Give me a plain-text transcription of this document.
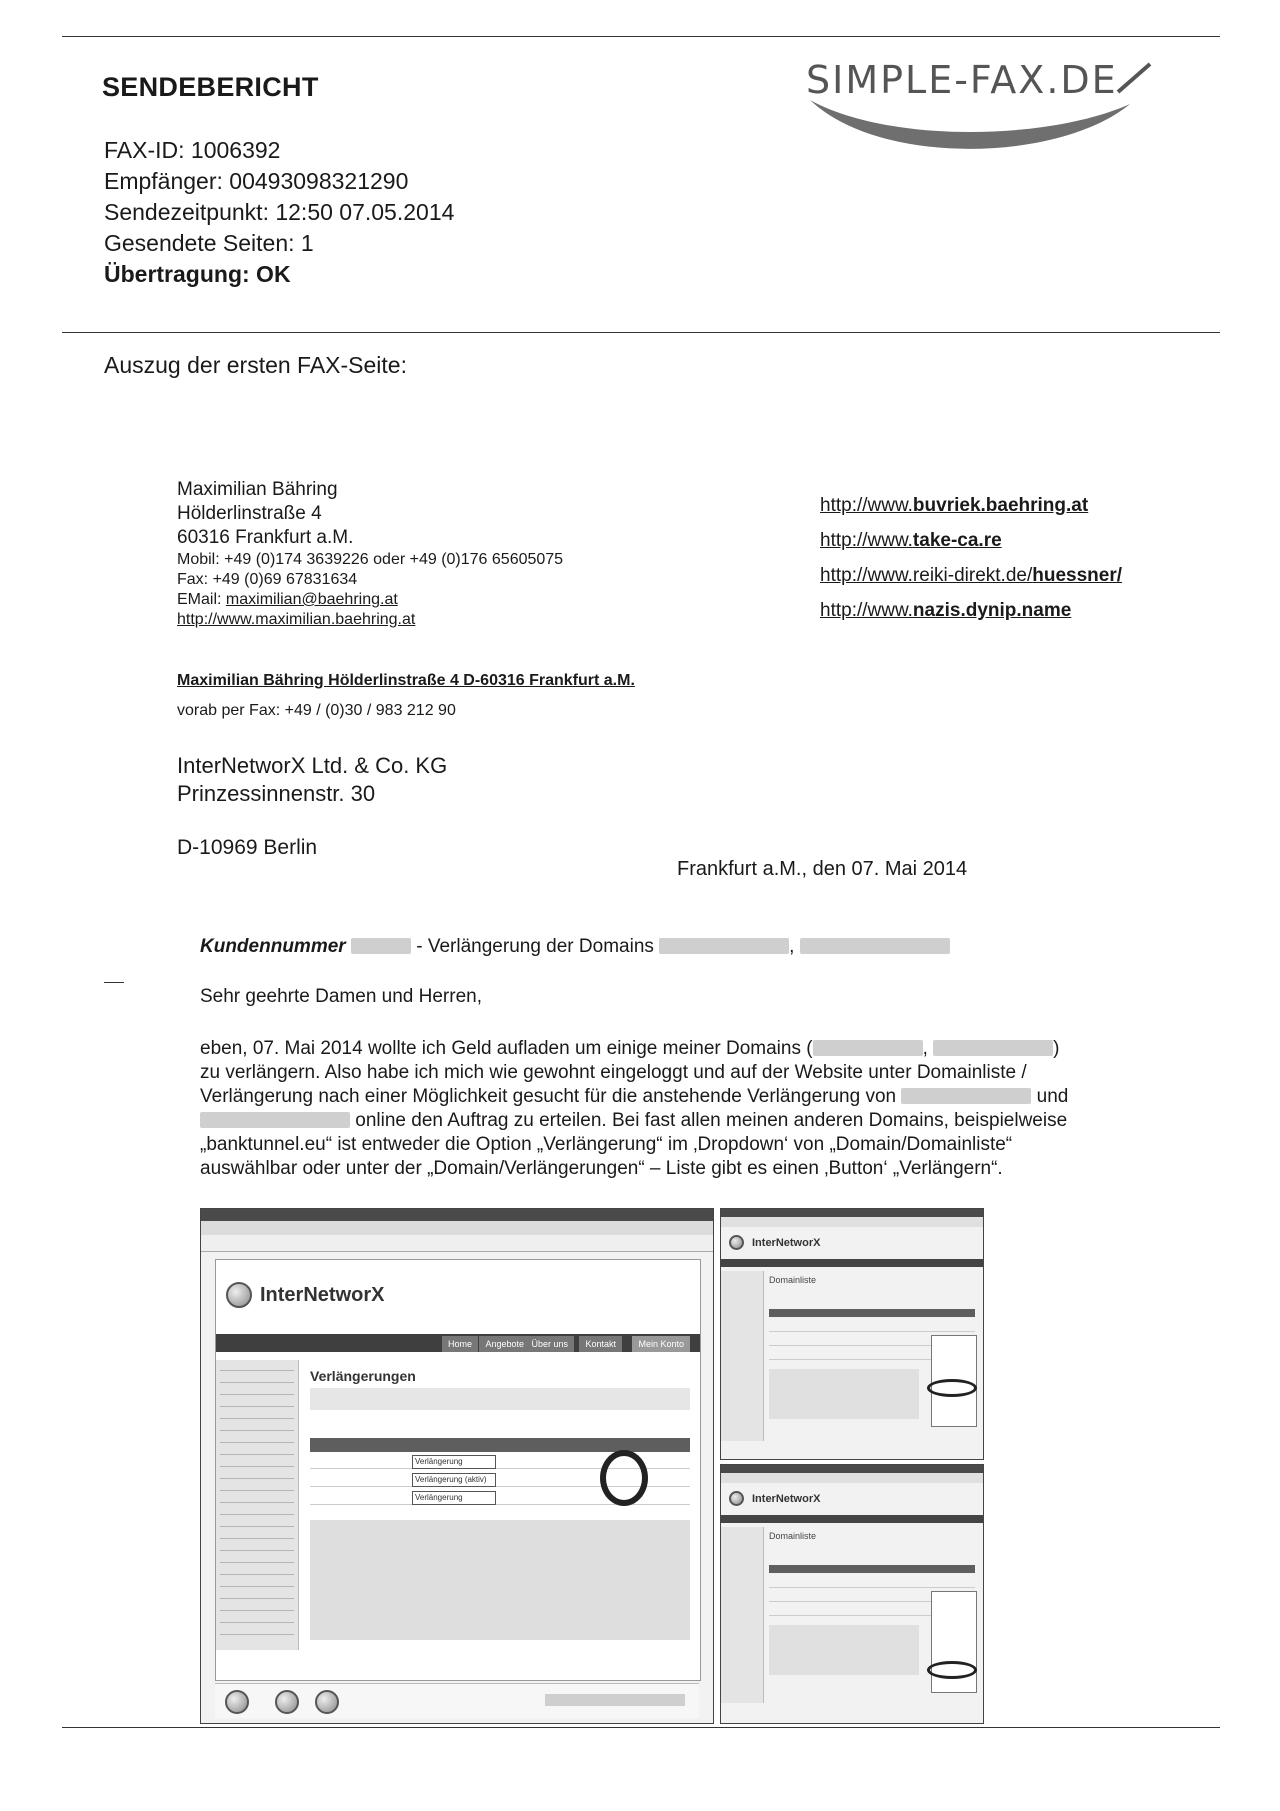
SENDEBERICHT
FAX-ID: 1006392
Empfänger: 00493098321290
Sendezeitpunkt: 12:50 07.05.2014
Gesendete Seiten: 1
Übertragung: OK
SIMPLE-FAX.DE
Auszug der ersten FAX-Seite:
Maximilian Bähring
Hölderlinstraße 4
60316 Frankfurt a.M.
Mobil: +49 (0)174 3639226 oder +49 (0)176 65605075
Fax: +49 (0)69 67831634
EMail: maximilian@baehring.at
http://www.maximilian.baehring.at
http://www.buvriek.baehring.at
http://www.take-ca.re
http://www.reiki-direkt.de/huessner/
http://www.nazis.dynip.name
Maximilian Bähring Hölderlinstraße 4 D-60316 Frankfurt a.M.
vorab per Fax: +49 / (0)30 / 983 212 90
InterNetworX Ltd. & Co. KG
Prinzessinnenstr. 30
D-10969 Berlin
Frankfurt a.M., den 07. Mai 2014
Kundennummer	- Verlängerung der Domains	,
Sehr geehrte Damen und Herren,
eben, 07. Mai 2014 wollte ich Geld aufladen um einige meiner Domains (	,	)
zu verlängern. Also habe ich mich wie gewohnt eingeloggt und auf der Website unter Domainliste /
Verlängerung nach einer Möglichkeit gesucht für die anstehende Verlängerung von	und
online den Auftrag zu erteilen. Bei fast allen meinen anderen Domains, beispielweise
„banktunnel.eu“ ist entweder die Option „Verlängerung“ im ‚Dropdown‘ von „Domain/Domainliste“
auswählbar oder unter der „Domain/Verlängerungen“ – Liste gibt es einen ‚Button‘ „Verlängern“.
InterNetworX
Home	Angebote Über uns	Kontakt	Mein Konto
Verlängerungen
Verlängerung
Verlängerung (aktiv)
Verlängerung
InterNetworX
Domainliste
InterNetworX
Domainliste
